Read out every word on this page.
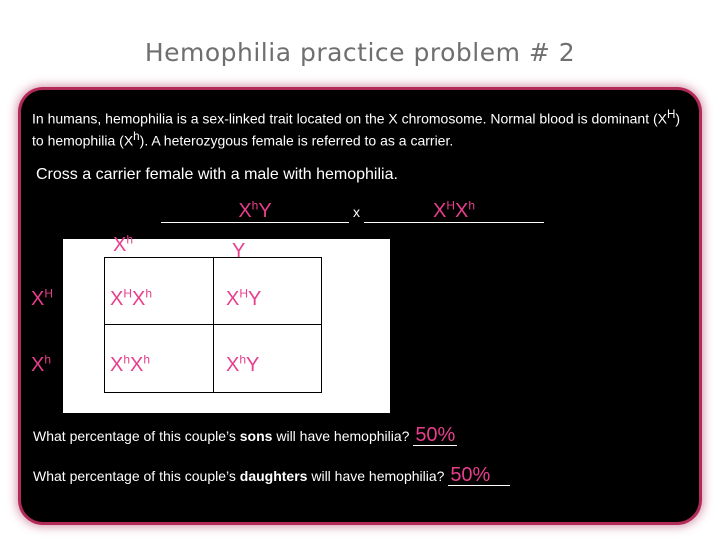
Hemophilia practice problem # 2
In humans, hemophilia is a sex-linked trait located on the X chromosome. Normal blood is dominant $(X^H)$ to hemophilia $(X^h)$. A heterozygous female is referred to as a carrier.
Cross a carrier female with a male with hemophilia.
$X^hY$	x	$X^HX^h$
$X^h$
Y
$X^H$
$X^h$
$X^HX^h$	$X^HY$
$X^hX^h$	$X^hY$
What percentage of this couple’s sons will have hemophilia? 50%
What percentage of this couple’s daughters will have hemophilia? 50%
